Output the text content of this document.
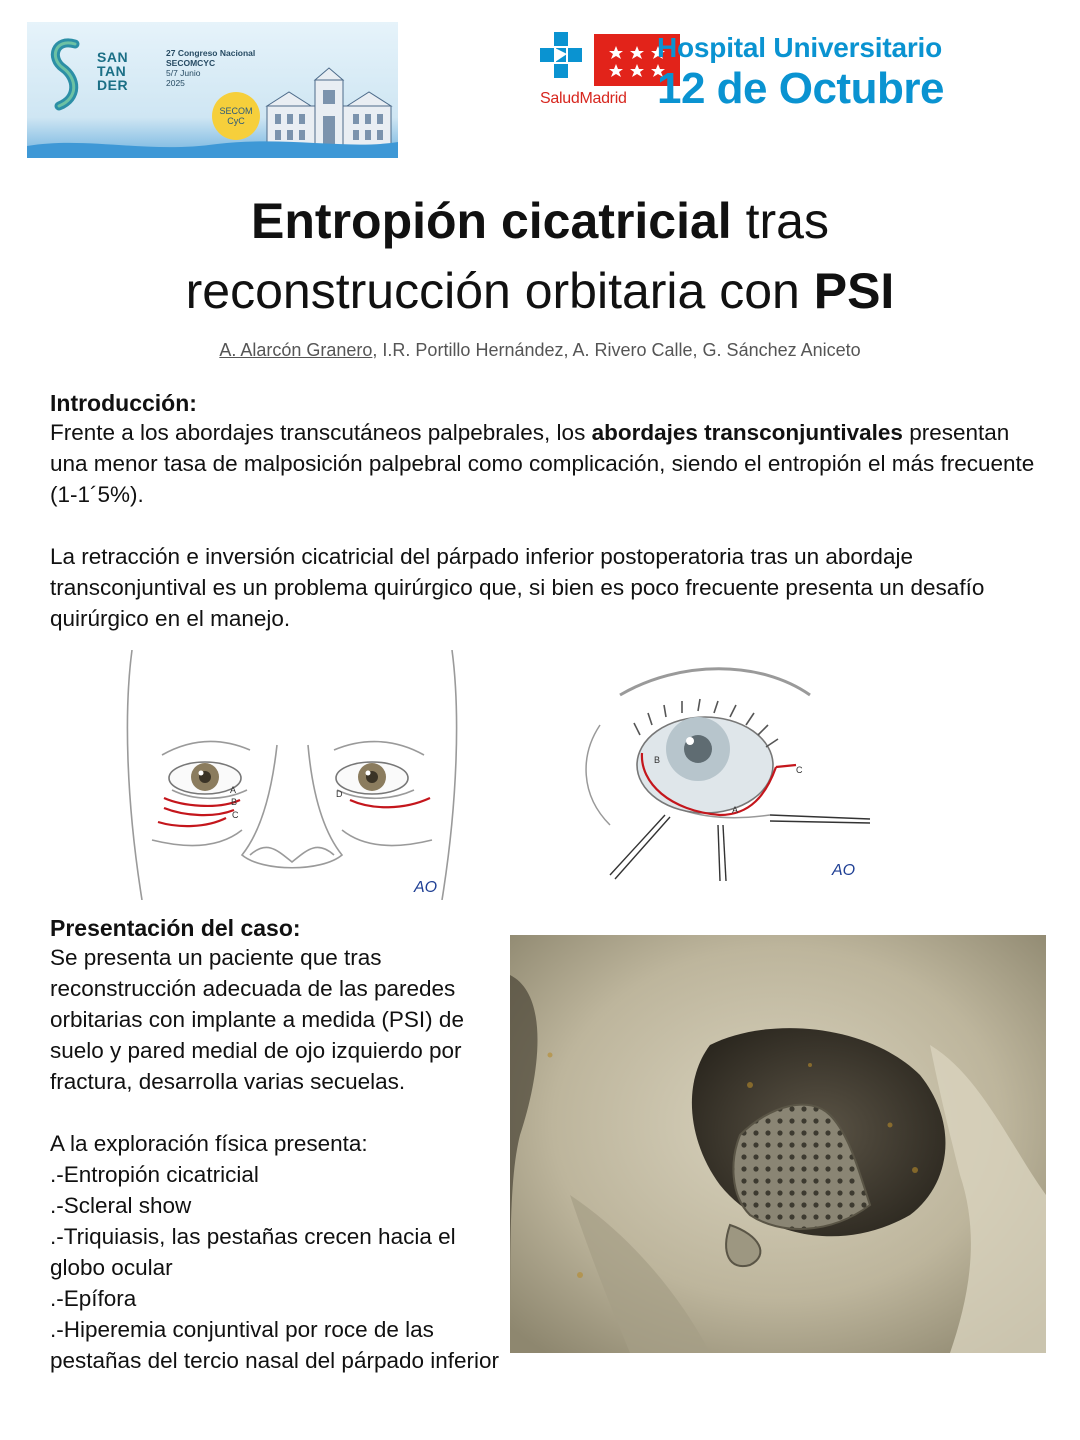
SAN
TAN
DER
27 Congreso Nacional
SECOMCYC
5/7 Junio
2025
SECOM
CyC
SaludMadrid
Hospital Universitario
12 de Octubre
Entropión cicatricial tras
reconstrucción orbitaria con PSI
A. Alarcón Granero, I.R. Portillo Hernández, A. Rivero Calle, G. Sánchez Aniceto
Introducción:

Frente a los abordajes transcutáneos palpebrales, los abordajes transconjuntivales presentan una menor tasa de malposición palpebral como complicación, siendo el entropión el más frecuente (1-1´5%).

La retracción e inversión cicatricial del párpado inferior postoperatoria tras un abordaje transconjuntival es un problema quirúrgico que, si bien es poco frecuente presenta un desafío quirúrgico en el manejo.

A
B
C
D
AO
A
B
C
AO
Presentación del caso:

Se presenta un paciente que tras reconstrucción adecuada de las paredes orbitarias con implante a medida (PSI) de suelo y pared medial de ojo izquierdo por fractura, desarrolla varias secuelas.

A la exploración física presenta:

.-Entropión cicatricial

.-Scleral show

.-Triquiasis, las pestañas crecen hacia el globo ocular

.-Epífora

.-Hiperemia conjuntival por roce de las pestañas del tercio nasal del párpado inferior
